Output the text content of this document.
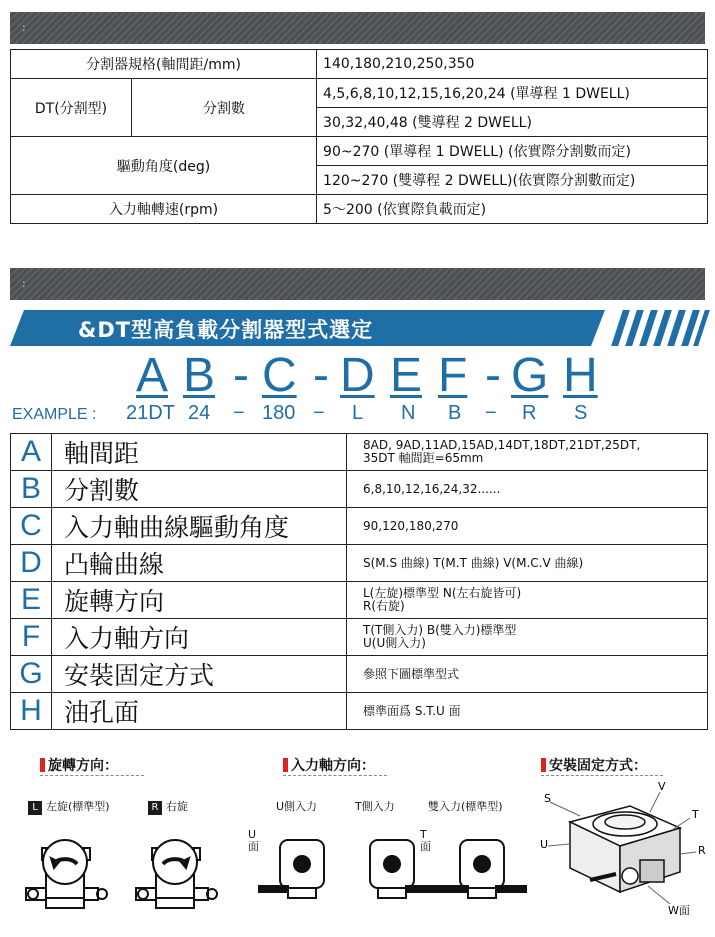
:
分割器規格(軸間距/mm)		140,180,210,250,350
DT(分割型)	分割數	4,5,6,8,10,12,15,16,20,24 (單導程 1 DWELL)
		30,32,40,48 (雙導程 2 DWELL)
驅動角度(deg)		90~270 (單導程 1 DWELL) (依實際分割數而定)
		120~270 (雙導程 2 DWELL)(依實際分割數而定)
入力軸轉速(rpm)		5～200 (依實際負載而定)
:
&DT型高負載分割器型式選定
A B - C - D E F - G H
EXAMPLE : 21DT 24 − 180 − L N B − R S
A	軸間距	8AD, 9AD,11AD,15AD,14DT,18DT,21DT,25DT,
35DT 軸間距=65mm

B	分割數	6,8,10,12,16,24,32......
C	入力軸曲線驅動角度	90,120,180,270
D	凸輪曲線	S(M.S 曲線) T(M.T 曲線) V(M.C.V 曲線)
E	旋轉方向	L(左旋)標準型 N(左右旋皆可)
R(右旋)

F	入力軸方向	T(T側入力) B(雙入力)標準型
U(U側入力)

G	安裝固定方式	參照下圖標準型式
H	油孔面	標準面爲 S.T.U 面
旋轉方向：	入力軸方向：	安裝固定方式：
L 左旋(標準型)	R 右旋	U側入力	T側入力	雙入力(標準型)
U
面
T
面
S
V
T
U	R
W面
